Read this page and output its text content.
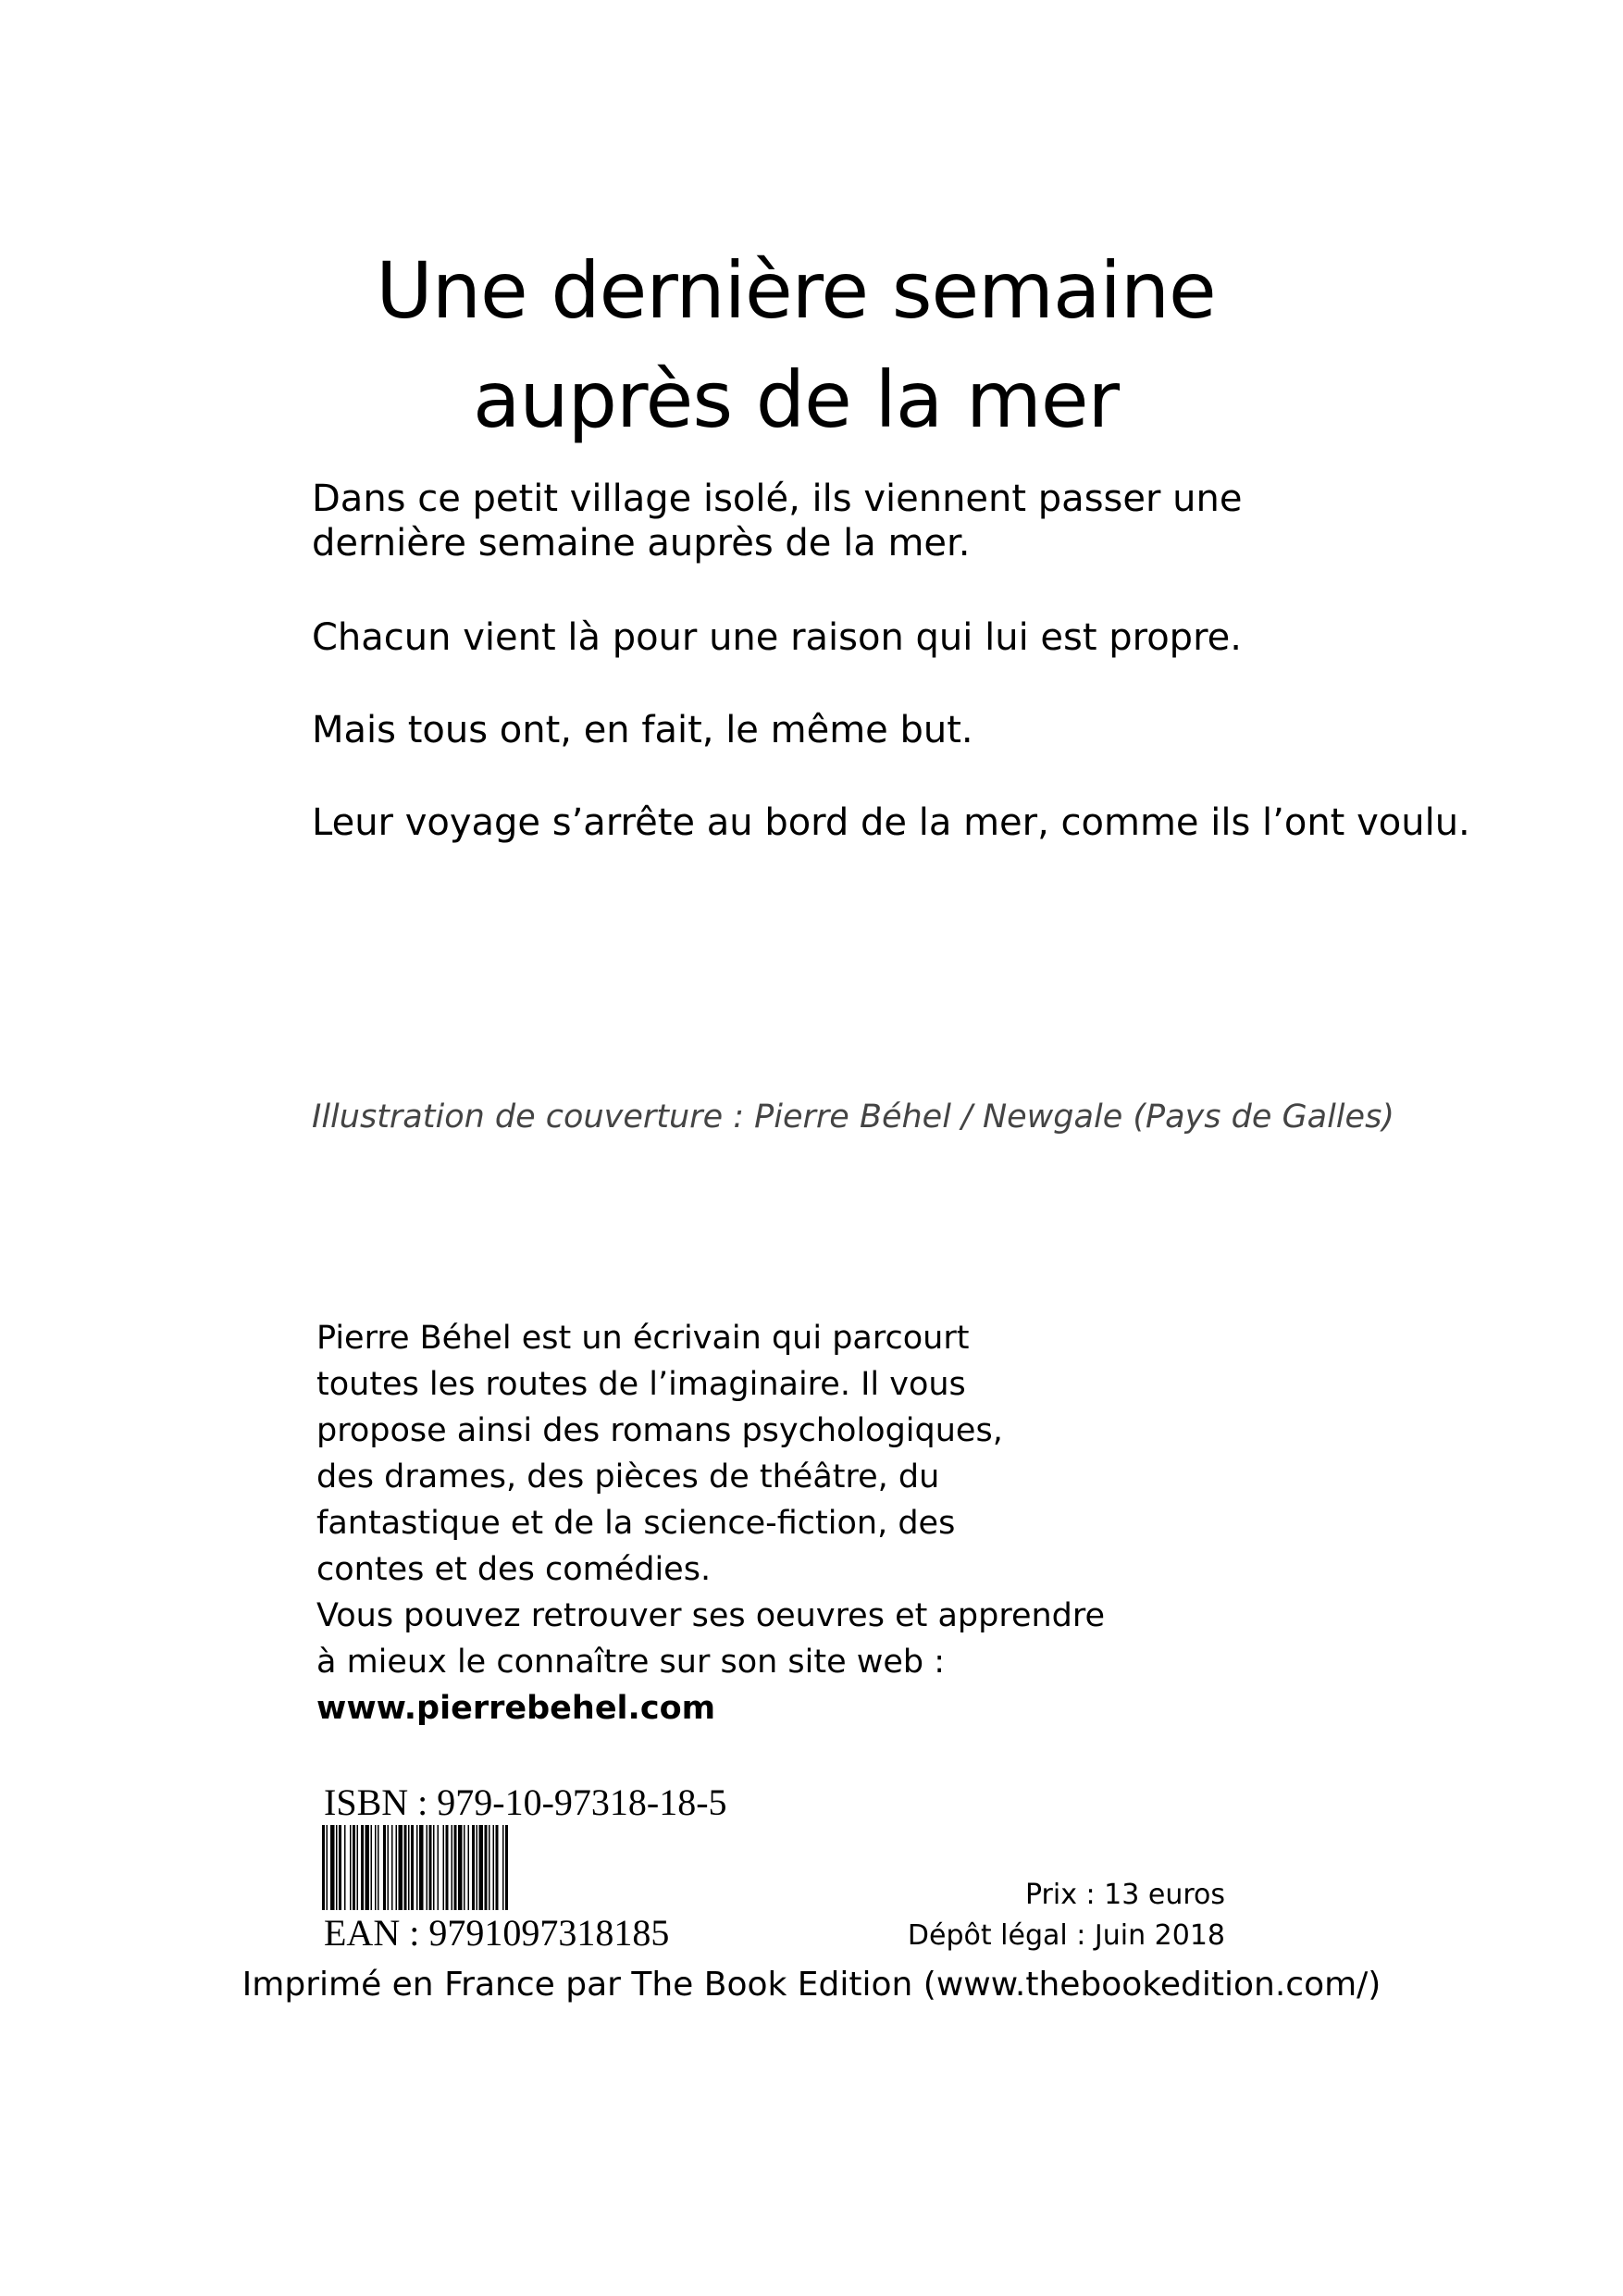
Une dernière semaine
auprès de la mer
Dans ce petit village isolé, ils viennent passer une
dernière semaine auprès de la mer.
Chacun vient là pour une raison qui lui est propre.
Mais tous ont, en fait, le même but.
Leur voyage s’arrête au bord de la mer, comme ils l’ont voulu.
Illustration de couverture : Pierre Béhel / Newgale (Pays de Galles)
Pierre Béhel est un écrivain qui parcourt
toutes les routes de l’imaginaire. Il vous
propose ainsi des romans psychologiques,
des drames, des pièces de théâtre, du
fantastique et de la science-fiction, des
contes et des comédies.
Vous pouvez retrouver ses oeuvres et apprendre
à mieux le connaître sur son site web :
www.pierrebehel.com
ISBN : 979-10-97318-18-5
EAN : 9791097318185
Prix : 13 euros
Dépôt légal : Juin 2018
Imprimé en France par The Book Edition (www.thebookedition.com/)
